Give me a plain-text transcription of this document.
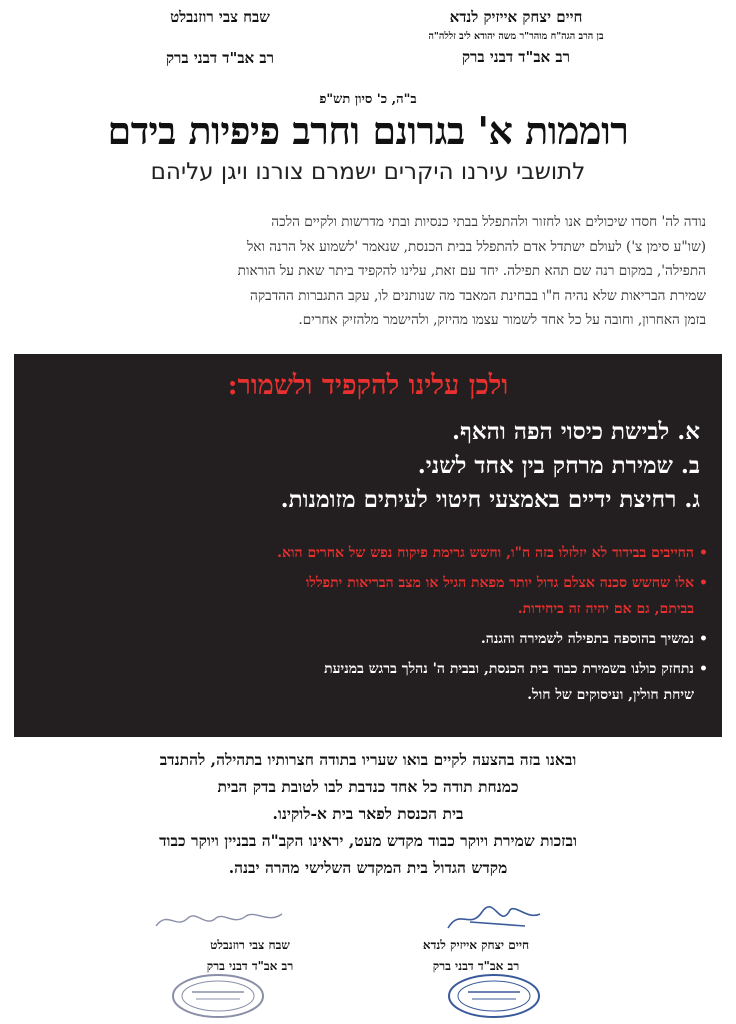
חיים יצחק אייזיק לנדא
בן הרב הגה"ח מוהר"ר משה יהודא ליב זללה"ה
רב אב"ד דבני ברק
שבח צבי רוזנבלט
רב אב"ד דבני ברק
ב"ה, כ' סיון תש"פ
רוממות א' בגרונם וחרב פיפיות בידם
לתושבי עירנו היקרים ישמרם צורנו ויגן עליהם
נודה לה' חסדו שיכולים אנו לחזור ולהתפלל בבתי כנסיות ובתי מדרשות ולקיים הלכה
(שו"ע סימן צ') לעולם ישתדל אדם להתפלל בבית הכנסת, שנאמר 'לשמוע אל הרנה ואל
התפילה', במקום רנה שם תהא תפילה. יחד עם זאת, עלינו להקפיד ביתר שאת על הוראות
שמירת הבריאות שלא נהיה ח"ו בבחינת המאבד מה שנותנים לו, עקב התגברות ההדבקה
בזמן האחרון, וחובה על כל אחד לשמור עצמו מהיזק, ולהישמר מלהזיק אחרים.
ולכן עלינו להקפיד ולשמור:
א. לבישת כיסוי הפה והאף.
ב. שמירת מרחק בין אחד לשני.
ג. רחיצת ידיים באמצעי חיטוי לעיתים מזומנות.
•החייבים בבידוד לא יזלזלו בזה ח"ו, וחשש גרימת פיקוח נפש של אחרים הוא.
•אלו שחשש סכנה אצלם גדול יותר מפאת הגיל או מצב הבריאות יתפללו
בביתם, גם אם יהיה זה ביחידות.
•נמשיך בהוספה בתפילה לשמירה והגנה.
•נתחזק כולנו בשמירת כבוד בית הכנסת, ובבית ה' נהלך ברגש במניעת
שיחת חולין, ועיסוקים של חול.
ובאנו בזה בהצעה לקיים בואו שעריו בתודה חצרותיו בתהילה, להתנדב
כמנחת תודה כל אחד כנדבת לבו לטובת בדק הבית
בית הכנסת לפאר בית א-לוקינו.
ובזכות שמירת ויוקר כבוד מקדש מעט, יראינו הקב"ה בבניין ויוקר כבוד
מקדש הגדול בית המקדש השלישי מהרה יבנה.
חיים יצחק אייזיק לנדא
רב אב"ד דבני ברק
שבח צבי רוזנבלט
רב אב"ד דבני ברק
